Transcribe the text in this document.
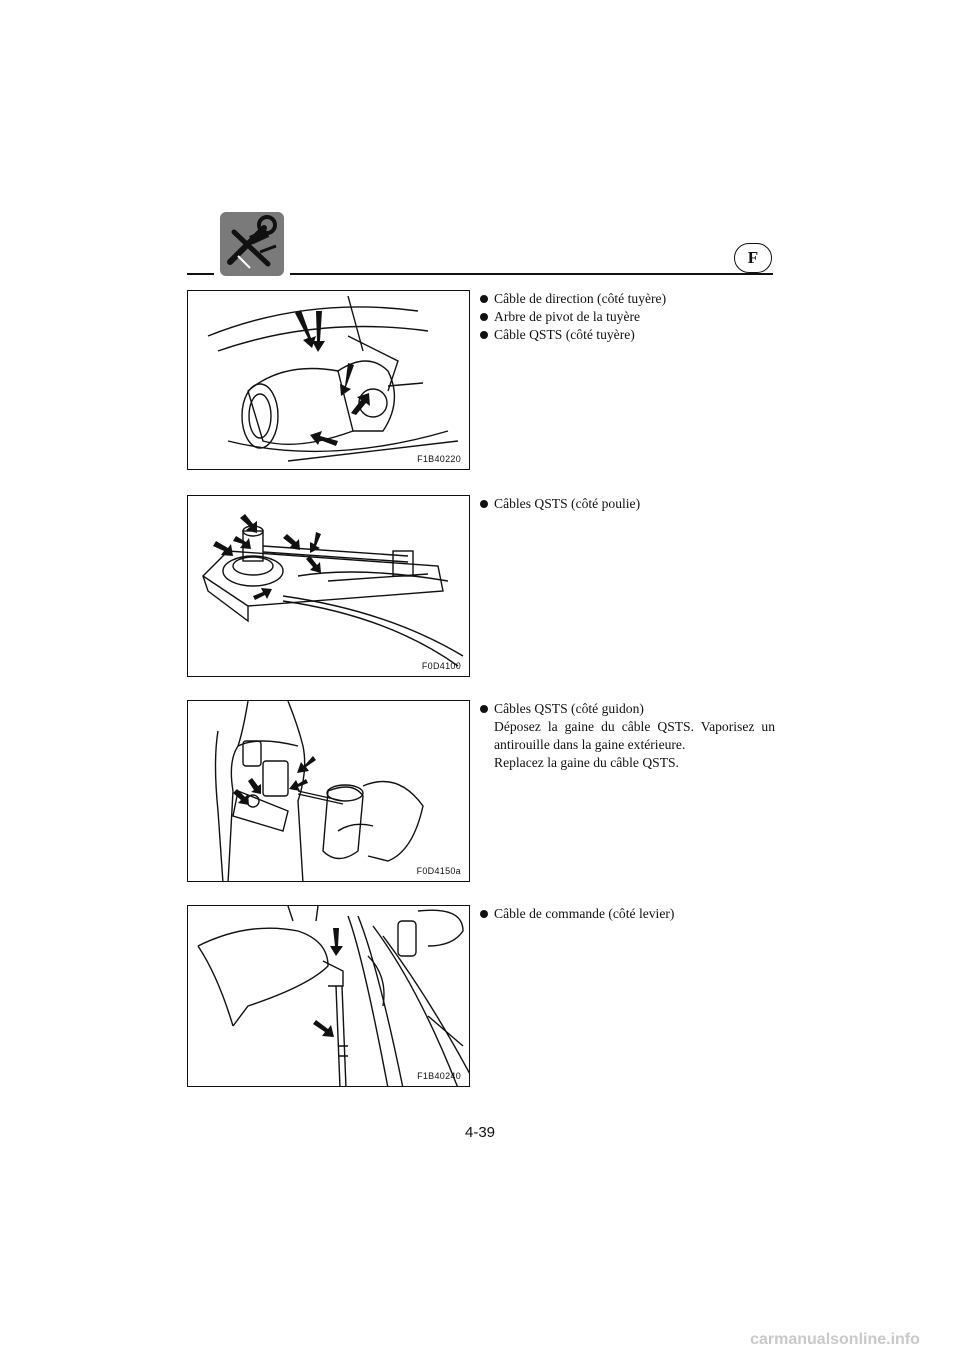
F
F1B40220
Câble de direction (côté tuyère)
Arbre de pivot de la tuyère
Câble QSTS (côté tuyère)
F0D4100
Câbles QSTS (côté poulie)
F0D4150a
Câbles QSTS (côté guidon)
Déposez la gaine du câble QSTS. Vaporisez un antirouille dans la gaine extérieure.
Replacez la gaine du câble QSTS.
F1B40240
Câble de commande (côté levier)
4-39
carmanualsonline.info
